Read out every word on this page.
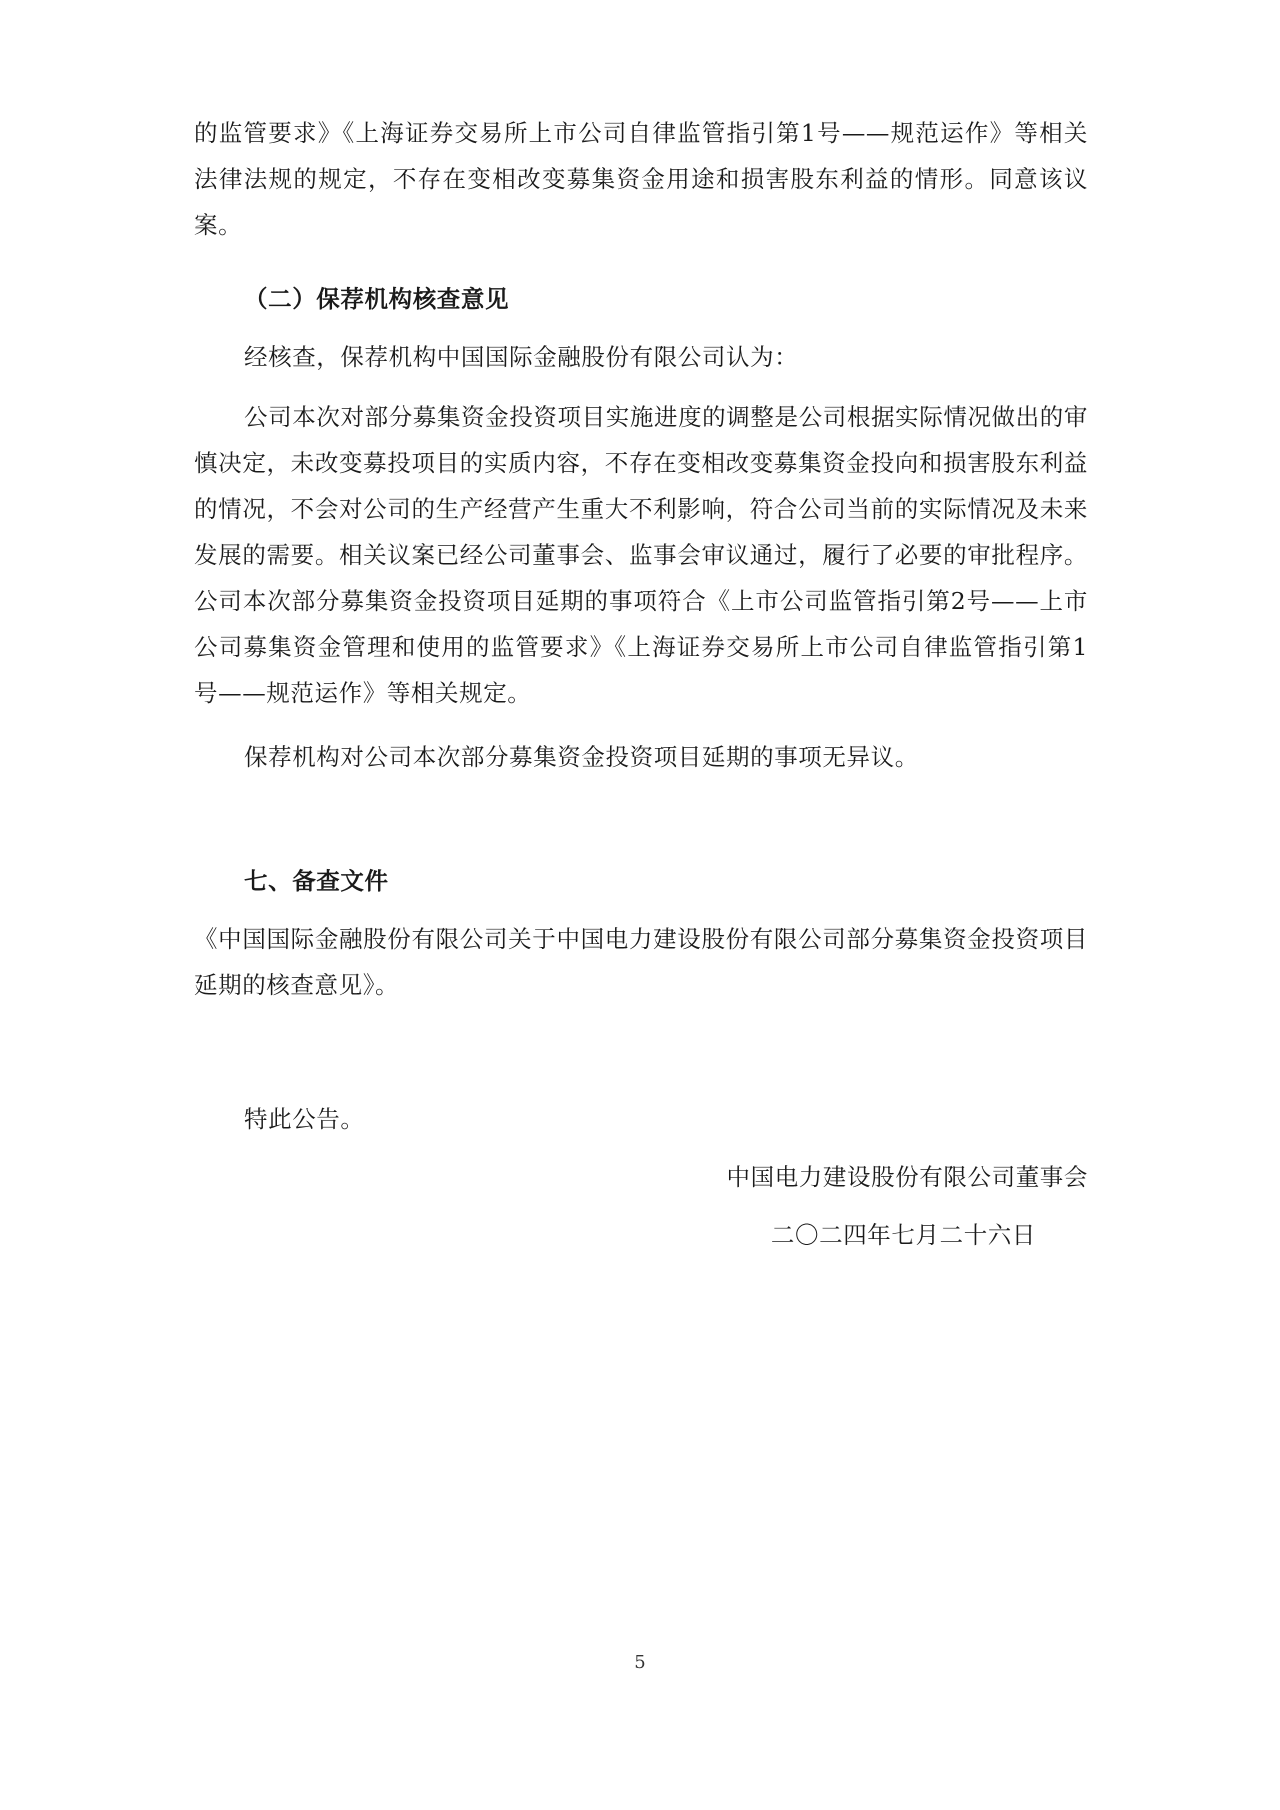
的监管要求》《上海证券交易所上市公司自律监管指引第1号——规范运作》等相关法律法规的规定，不存在变相改变募集资金用途和损害股东利益的情形。同意该议案。

（二）保荐机构核查意见

经核查，保荐机构中国国际金融股份有限公司认为：

公司本次对部分募集资金投资项目实施进度的调整是公司根据实际情况做出的审慎决定，未改变募投项目的实质内容，不存在变相改变募集资金投向和损害股东利益的情况，不会对公司的生产经营产生重大不利影响，符合公司当前的实际情况及未来发展的需要。相关议案已经公司董事会、监事会审议通过，履行了必要的审批程序。公司本次部分募集资金投资项目延期的事项符合《上市公司监管指引第2号——上市公司募集资金管理和使用的监管要求》《上海证券交易所上市公司自律监管指引第1号——规范运作》等相关规定。

保荐机构对公司本次部分募集资金投资项目延期的事项无异议。

七、备查文件

《中国国际金融股份有限公司关于中国电力建设股份有限公司部分募集资金投资项目延期的核查意见》。

特此公告。

中国电力建设股份有限公司董事会

二〇二四年七月二十六日

5
